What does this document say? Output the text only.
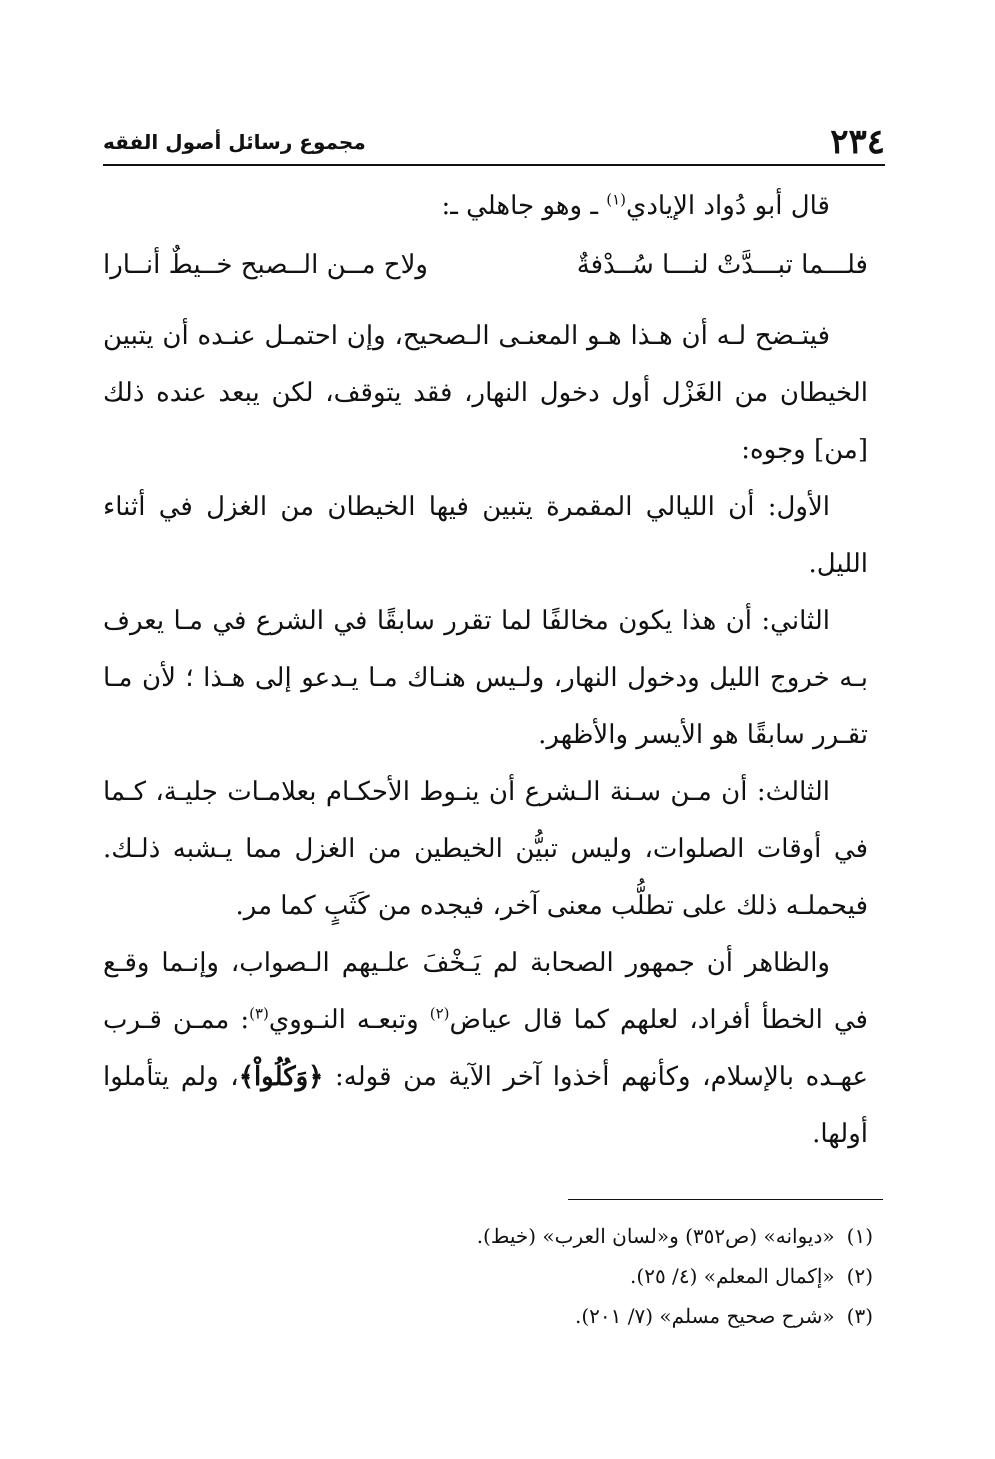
٢٣٤
مجموع رسائل أصول الفقه

قال أبو دُواد الإيادي$^{(١)}$ ـ وهو جاهلي ـ:

فلـــما تبـــدَّتْ لنـــا سُــدْفةٌ
ولاح مــن الــصبح خــيطٌ أنــارا

فيتـضح لـه أن هـذا هـو المعنـى الـصحيح، وإن احتمـل عنـده أن يتبين الخيطان من الغَزْل أول دخول النهار، فقد يتوقف، لكن يبعد عنده ذلك [من] وجوه:

الأول: أن الليالي المقمرة يتبين فيها الخيطان من الغزل في أثناء الليل.

الثاني: أن هذا يكون مخالفًا لما تقرر سابقًا في الشرع في مـا يعرف بـه خروج الليل ودخول النهار، ولـيس هنـاك مـا يـدعو إلى هـذا ؛ لأن مـا تقـرر سابقًا هو الأيسر والأظهر.

الثالث: أن مـن سـنة الـشرع أن ينـوط الأحكـام بعلامـات جليـة، كـما في أوقات الصلوات، وليس تبيُّن الخيطين من الغزل مما يـشبه ذلـك. فيحملـه ذلك على تطلُّب معنى آخر، فيجده من كَثَبٍ كما مر.

والظاهر أن جمهور الصحابة لم يَـخْفَ علـيهم الـصواب، وإنـما وقـع في الخطأ أفراد، لعلهم كما قال عياض$^{(٢)}$ وتبعـه النـووي$^{(٣)}$: ممـن قـرب عهـده بالإسلام، وكأنهم أخذوا آخر الآية من قوله: ﴿وَكُلُواْ﴾، ولم يتأملوا أولها.

(١)«ديوانه» (ص٣٥٢) و«لسان العرب» (خيط).
(٢)«إكمال المعلم» (٤/ ٢٥).
(٣)«شرح صحيح مسلم» (٧/ ٢٠١).
